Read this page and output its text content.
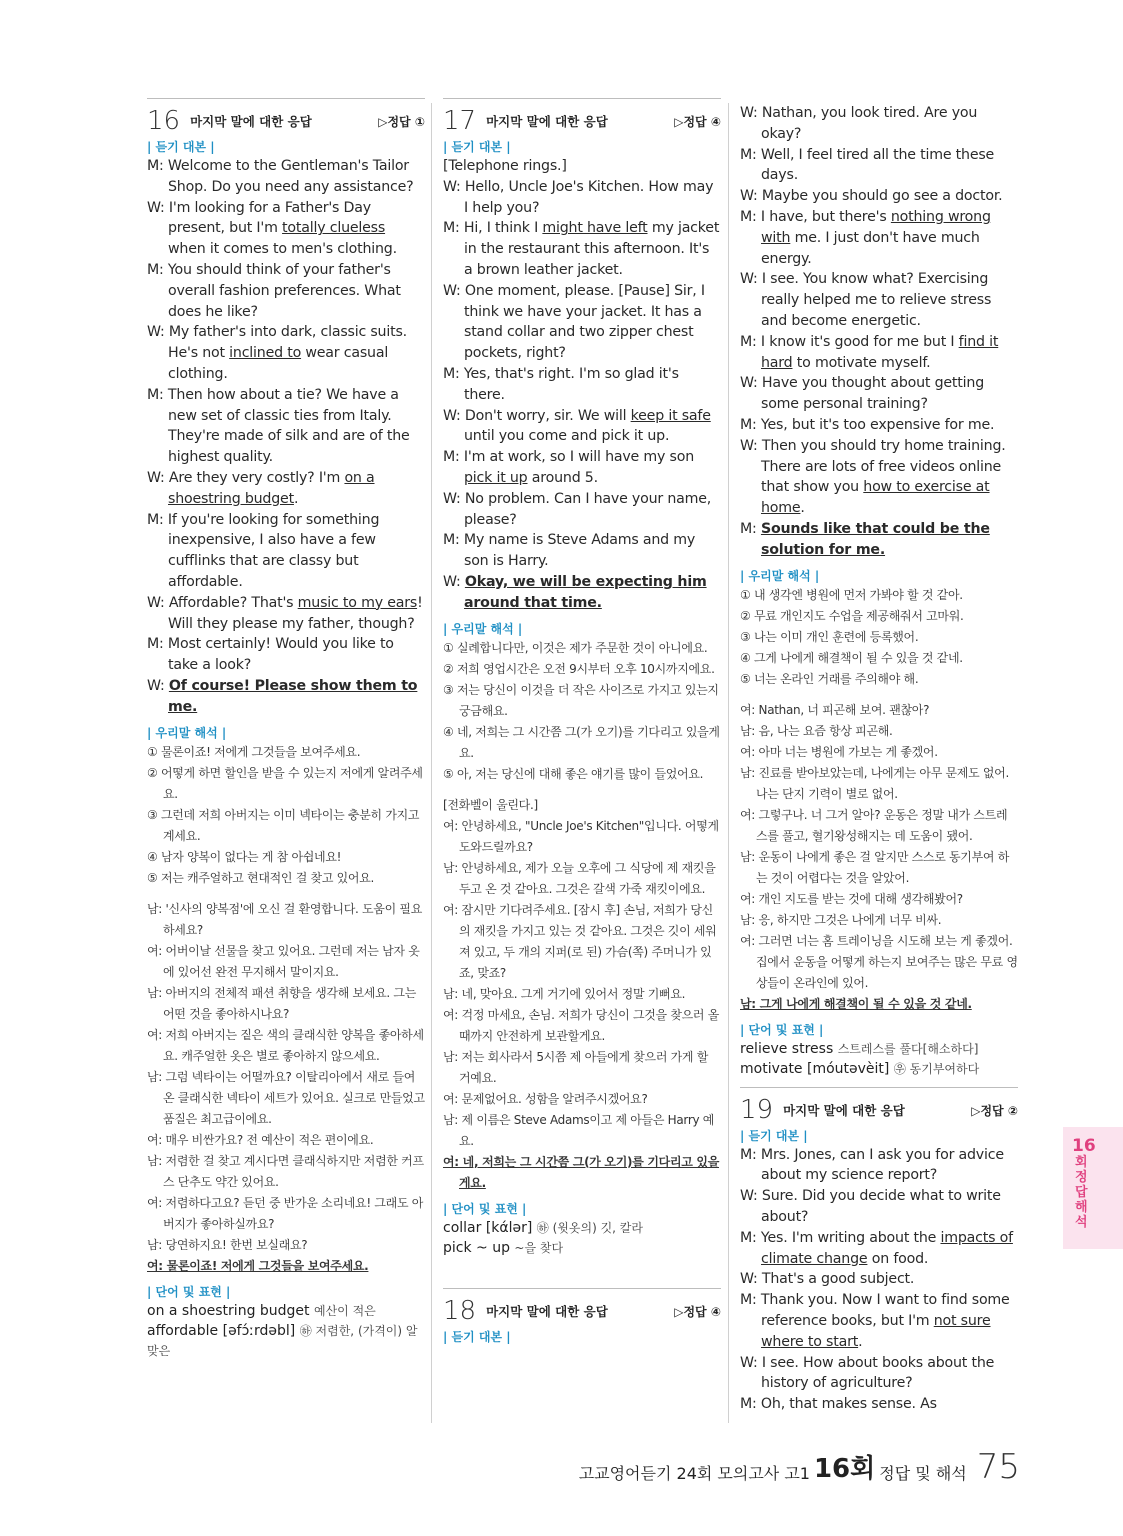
16 마지막 말에 대한 응답	▷정답 ①
| 듣기 대본 |
M: Welcome to the Gentleman's Tailor Shop. Do you need any assistance?
W: I'm looking for a Father's Day present, but I'm totally clueless when it comes to men's clothing.
M: You should think of your father's overall fashion preferences. What does he like?
W: My father's into dark, classic suits. He's not inclined to wear casual clothing.
M: Then how about a tie? We have a new set of classic ties from Italy. They're made of silk and are of the highest quality.
W: Are they very costly? I'm on a shoestring budget.
M: If you're looking for something inexpensive, I also have a few cufflinks that are classy but affordable.
W: Affordable? That's music to my ears! Will they please my father, though?
M: Most certainly! Would you like to take a look?
W: Of course! Please show them to me.
| 우리말 해석 |
① 물론이죠! 저에게 그것들을 보여주세요.
② 어떻게 하면 할인을 받을 수 있는지 저에게 알려주세요.
③ 그런데 저희 아버지는 이미 넥타이는 충분히 가지고 계세요.
④ 남자 양복이 없다는 게 참 아쉽네요!
⑤ 저는 캐주얼하고 현대적인 걸 찾고 있어요.
남: '신사의 양복점'에 오신 걸 환영합니다. 도움이 필요하세요?
여: 어버이날 선물을 찾고 있어요. 그런데 저는 남자 옷에 있어선 완전 무지해서 말이지요.
남: 아버지의 전체적 패션 취향을 생각해 보세요. 그는 어떤 것을 좋아하시나요?
여: 저희 아버지는 짙은 색의 클래식한 양복을 좋아하세요. 캐주얼한 옷은 별로 좋아하지 않으세요.
남: 그럼 넥타이는 어떨까요? 이탈리아에서 새로 들여온 클래식한 넥타이 세트가 있어요. 실크로 만들었고 품질은 최고급이에요.
여: 매우 비싼가요? 전 예산이 적은 편이에요.
남: 저렴한 걸 찾고 계시다면 클래식하지만 저렴한 커프스 단추도 약간 있어요.
여: 저렴하다고요? 듣던 중 반가운 소리네요! 그래도 아버지가 좋아하실까요?
남: 당연하지요! 한번 보실래요?
여: 물론이죠! 저에게 그것들을 보여주세요.
| 단어 및 표현 |
on a shoestring budget 예산이 적은
affordable [əfɔ́ːrdəbl] ㉻ 저렴한, (가격이) 알맞은
17 마지막 말에 대한 응답	▷정답 ④
| 듣기 대본 |
[Telephone rings.]
W: Hello, Uncle Joe's Kitchen. How may I help you?
M: Hi, I think I might have left my jacket in the restaurant this afternoon. It's a brown leather jacket.
W: One moment, please. [Pause] Sir, I think we have your jacket. It has a stand collar and two zipper chest pockets, right?
M: Yes, that's right. I'm so glad it's there.
W: Don't worry, sir. We will keep it safe until you come and pick it up.
M: I'm at work, so I will have my son pick it up around 5.
W: No problem. Can I have your name, please?
M: My name is Steve Adams and my son is Harry.
W: Okay, we will be expecting him around that time.
| 우리말 해석 |
① 실례합니다만, 이것은 제가 주문한 것이 아니에요.
② 저희 영업시간은 오전 9시부터 오후 10시까지에요.
③ 저는 당신이 이것을 더 작은 사이즈로 가지고 있는지 궁금해요.
④ 네, 저희는 그 시간쯤 그(가 오기)를 기다리고 있을게요.
⑤ 아, 저는 당신에 대해 좋은 얘기를 많이 들었어요.
[전화벨이 울린다.]
여: 안녕하세요, "Uncle Joe's Kitchen"입니다. 어떻게 도와드릴까요?
남: 안녕하세요, 제가 오늘 오후에 그 식당에 제 재킷을 두고 온 것 같아요. 그것은 갈색 가죽 재킷이에요.
여: 잠시만 기다려주세요. [잠시 후] 손님, 저희가 당신의 재킷을 가지고 있는 것 같아요. 그것은 깃이 세워져 있고, 두 개의 지퍼(로 된) 가슴(쪽) 주머니가 있죠, 맞죠?
남: 네, 맞아요. 그게 거기에 있어서 정말 기뻐요.
여: 걱정 마세요, 손님. 저희가 당신이 그것을 찾으러 올 때까지 안전하게 보관할게요.
남: 저는 회사라서 5시쯤 제 아들에게 찾으러 가게 할 거예요.
여: 문제없어요. 성함을 알려주시겠어요?
남: 제 이름은 Steve Adams이고 제 아들은 Harry 예요.
여: 네, 저희는 그 시간쯤 그(가 오기)를 기다리고 있을게요.
| 단어 및 표현 |
collar [kάlər] ㉻ (윗옷의) 깃, 칼라
pick ~ up ~을 찾다
18 마지막 말에 대한 응답	▷정답 ④
| 듣기 대본 |
W: Nathan, you look tired. Are you okay?
M: Well, I feel tired all the time these days.
W: Maybe you should go see a doctor.
M: I have, but there's nothing wrong with me. I just don't have much energy.
W: I see. You know what? Exercising really helped me to relieve stress and become energetic.
M: I know it's good for me but I find it hard to motivate myself.
W: Have you thought about getting some personal training?
M: Yes, but it's too expensive for me.
W: Then you should try home training. There are lots of free videos online that show you how to exercise at home.
M: Sounds like that could be the solution for me.
| 우리말 해석 |
① 내 생각엔 병원에 먼저 가봐야 할 것 같아.
② 무료 개인지도 수업을 제공해줘서 고마워.
③ 나는 이미 개인 훈련에 등록했어.
④ 그게 나에게 해결책이 될 수 있을 것 같네.
⑤ 너는 온라인 거래를 주의해야 해.
여: Nathan, 너 피곤해 보여. 괜찮아?
남: 음, 나는 요즘 항상 피곤해.
여: 아마 너는 병원에 가보는 게 좋겠어.
남: 진료를 받아보았는데, 나에게는 아무 문제도 없어. 나는 단지 기력이 별로 없어.
여: 그렇구나. 너 그거 알아? 운동은 정말 내가 스트레스를 풀고, 혈기왕성해지는 데 도움이 됐어.
남: 운동이 나에게 좋은 걸 알지만 스스로 동기부여 하는 것이 어렵다는 것을 알았어.
여: 개인 지도를 받는 것에 대해 생각해봤어?
남: 응, 하지만 그것은 나에게 너무 비싸.
여: 그러면 너는 홈 트레이닝을 시도해 보는 게 좋겠어. 집에서 운동을 어떻게 하는지 보여주는 많은 무료 영상들이 온라인에 있어.
남: 그게 나에게 해결책이 될 수 있을 것 같네.
| 단어 및 표현 |
relieve stress 스트레스를 풀다[해소하다]
motivate [móutəvèit] ㉾ 동기부여하다
19 마지막 말에 대한 응답	▷정답 ②
| 듣기 대본 |
M: Mrs. Jones, can I ask you for advice about my science report?
W: Sure. Did you decide what to write about?
M: Yes. I'm writing about the impacts of climate change on food.
W: That's a good subject.
M: Thank you. Now I want to find some reference books, but I'm not sure where to start.
W: I see. How about books about the history of agriculture?
M: Oh, that makes sense. As
16
회
정
답
해
석
고교영어듣기 24회 모의고사 고1 16회 정답 및 해석 75
